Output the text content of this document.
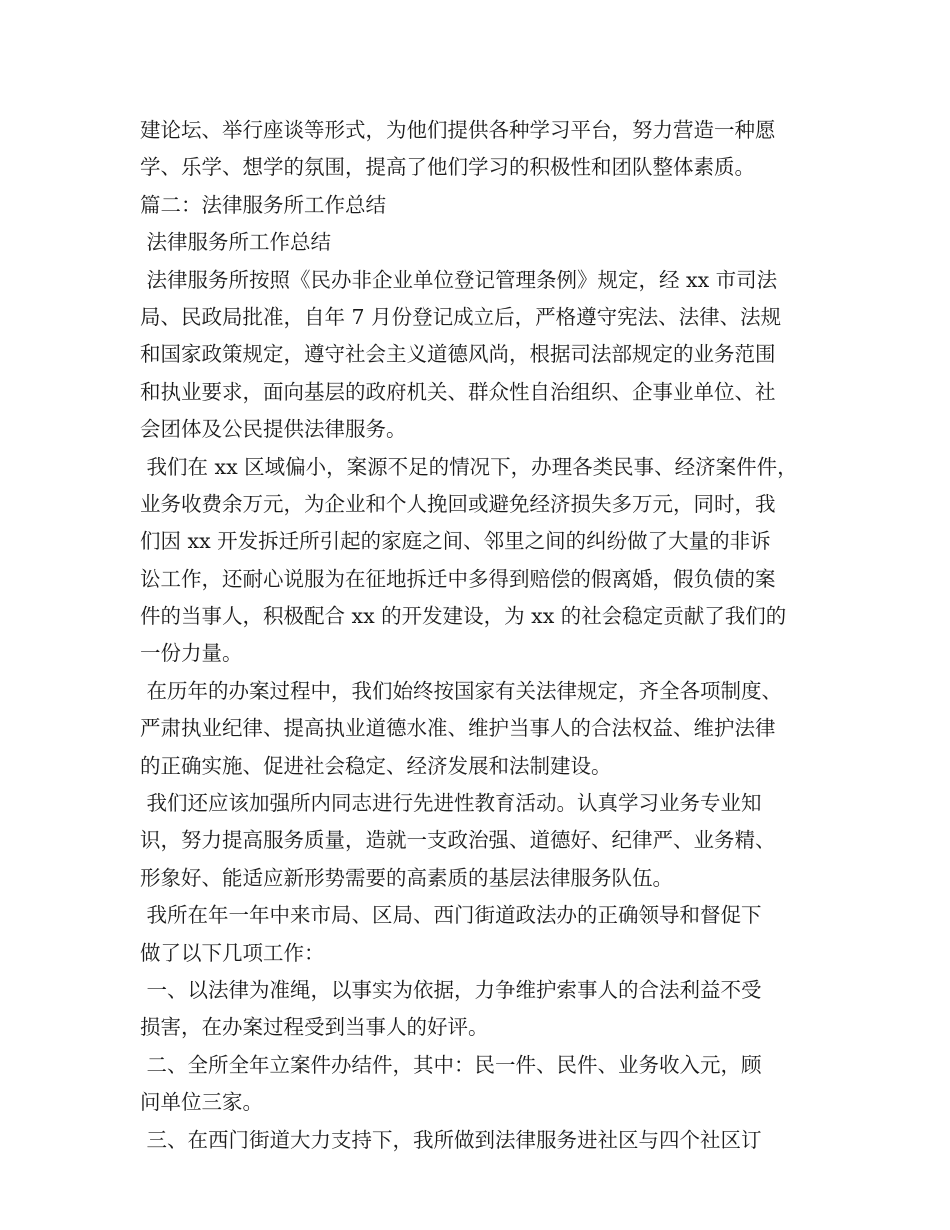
建论坛、举行座谈等形式，为他们提供各种学习平台，努力营造一种愿
学、乐学、想学的氛围，提高了他们学习的积极性和团队整体素质。
篇二：法律服务所工作总结
法律服务所工作总结
法律服务所按照《民办非企业单位登记管理条例》规定，经 xx 市司法
局、民政局批准，自年 7 月份登记成立后，严格遵守宪法、法律、法规
和国家政策规定，遵守社会主义道德风尚，根据司法部规定的业务范围
和执业要求，面向基层的政府机关、群众性自治组织、企事业单位、社
会团体及公民提供法律服务。
我们在 xx 区域偏小，案源不足的情况下，办理各类民事、经济案件件，
业务收费余万元，为企业和个人挽回或避免经济损失多万元，同时，我
们因 xx 开发拆迁所引起的家庭之间、邻里之间的纠纷做了大量的非诉
讼工作，还耐心说服为在征地拆迁中多得到赔偿的假离婚，假负债的案
件的当事人，积极配合 xx 的开发建设，为 xx 的社会稳定贡献了我们的
一份力量。
在历年的办案过程中，我们始终按国家有关法律规定，齐全各项制度、
严肃执业纪律、提高执业道德水准、维护当事人的合法权益、维护法律
的正确实施、促进社会稳定、经济发展和法制建设。
我们还应该加强所内同志进行先进性教育活动。认真学习业务专业知
识，努力提高服务质量，造就一支政治强、道德好、纪律严、业务精、
形象好、能适应新形势需要的高素质的基层法律服务队伍。
我所在年一年中来市局、区局、西门街道政法办的正确领导和督促下
做了以下几项工作：
一、以法律为准绳，以事实为依据，力争维护索事人的合法利益不受
损害，在办案过程受到当事人的好评。
二、全所全年立案件办结件，其中：民一件、民件、业务收入元，顾
问单位三家。
三、在西门街道大力支持下，我所做到法律服务进社区与四个社区订
